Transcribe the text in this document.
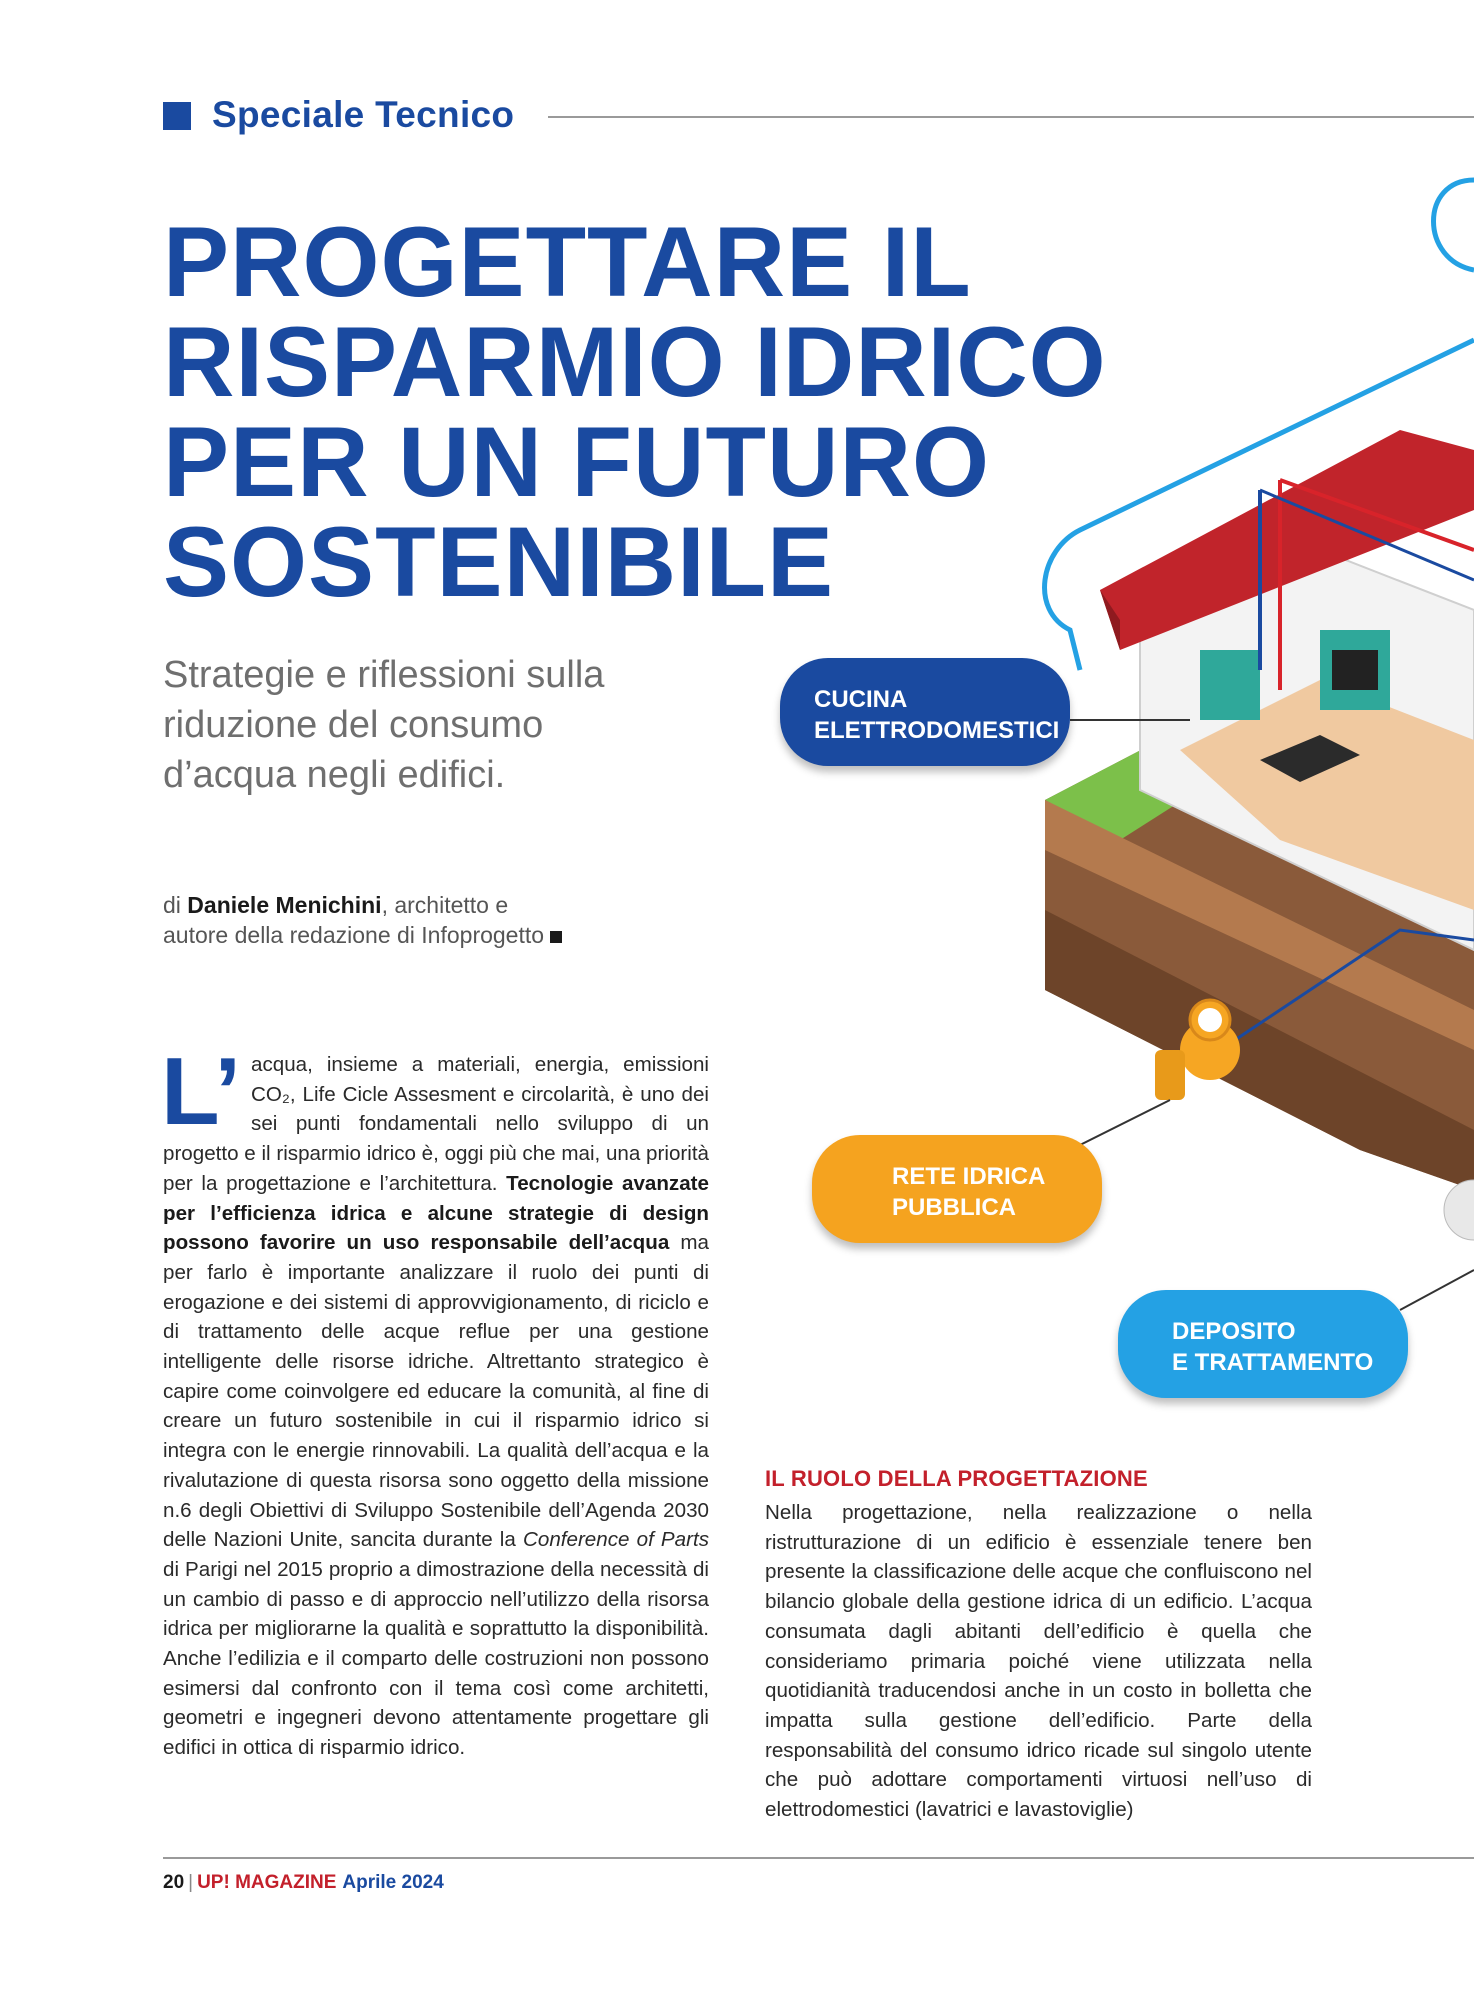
Speciale Tecnico
PROGETTARE IL
RISPARMIO IDRICO
PER UN FUTURO
SOSTENIBILE

Strategie e riflessioni sulla
riduzione del consumo
d’acqua negli edifici.

di Daniele Menichini, architetto e
autore della redazione di Infoprogetto
CUCINA
ELETTRODOMESTICI
RETE IDRICA
PUBBLICA
DEPOSITO
E TRATTAMENTO

L’ acqua, insieme a materiali, energia, emissioni CO₂, Life Cicle Assesment e circolarità, è uno dei sei punti fondamentali nello sviluppo di un progetto e il risparmio idrico è, oggi più che mai, una priorità per la progettazione e l’architettura. Tecnologie avanzate per l’efficienza idrica e alcune strategie di design possono favorire un uso responsabile dell’acqua ma per farlo è importante analizzare il ruolo dei punti di erogazione e dei sistemi di approvvigionamento, di riciclo e di trattamento delle acque reflue per una gestione intelligente delle risorse idriche. Altrettanto strategico è capire come coinvolgere ed educare la comunità, al fine di creare un futuro sostenibile in cui il risparmio idrico si integra con le energie rinnovabili. La qualità dell’acqua e la rivalutazione di questa risorsa sono oggetto della missione n.6 degli Obiettivi di Sviluppo Sostenibile dell’Agenda 2030 delle Nazioni Unite, sancita durante la Conference of Parts di Parigi nel 2015 proprio a dimostrazione della necessità di un cambio di passo e di approccio nell’utilizzo della risorsa idrica per migliorarne la qualità e soprattutto la disponibilità. Anche l’edilizia e il comparto delle costruzioni non possono esimersi dal confronto con il tema così come architetti, geometri e ingegneri devono attentamente progettare gli edifici in ottica di risparmio idrico.

IL RUOLO DELLA PROGETTAZIONE

Nella progettazione, nella realizzazione o nella ristrutturazione di un edificio è essenziale tenere ben presente la classificazione delle acque che confluiscono nel bilancio globale della gestione idrica di un edificio. L’acqua consumata dagli abitanti dell’edificio è quella che consideriamo primaria poiché viene utilizzata nella quotidianità traducendosi anche in un costo in bolletta che impatta sulla gestione dell’edificio. Parte della responsabilità del consumo idrico ricade sul singolo utente che può adottare comportamenti virtuosi nell’uso di elettrodomestici (lavatrici e lavastoviglie)

20 | UP! MAGAZINE Aprile 2024
